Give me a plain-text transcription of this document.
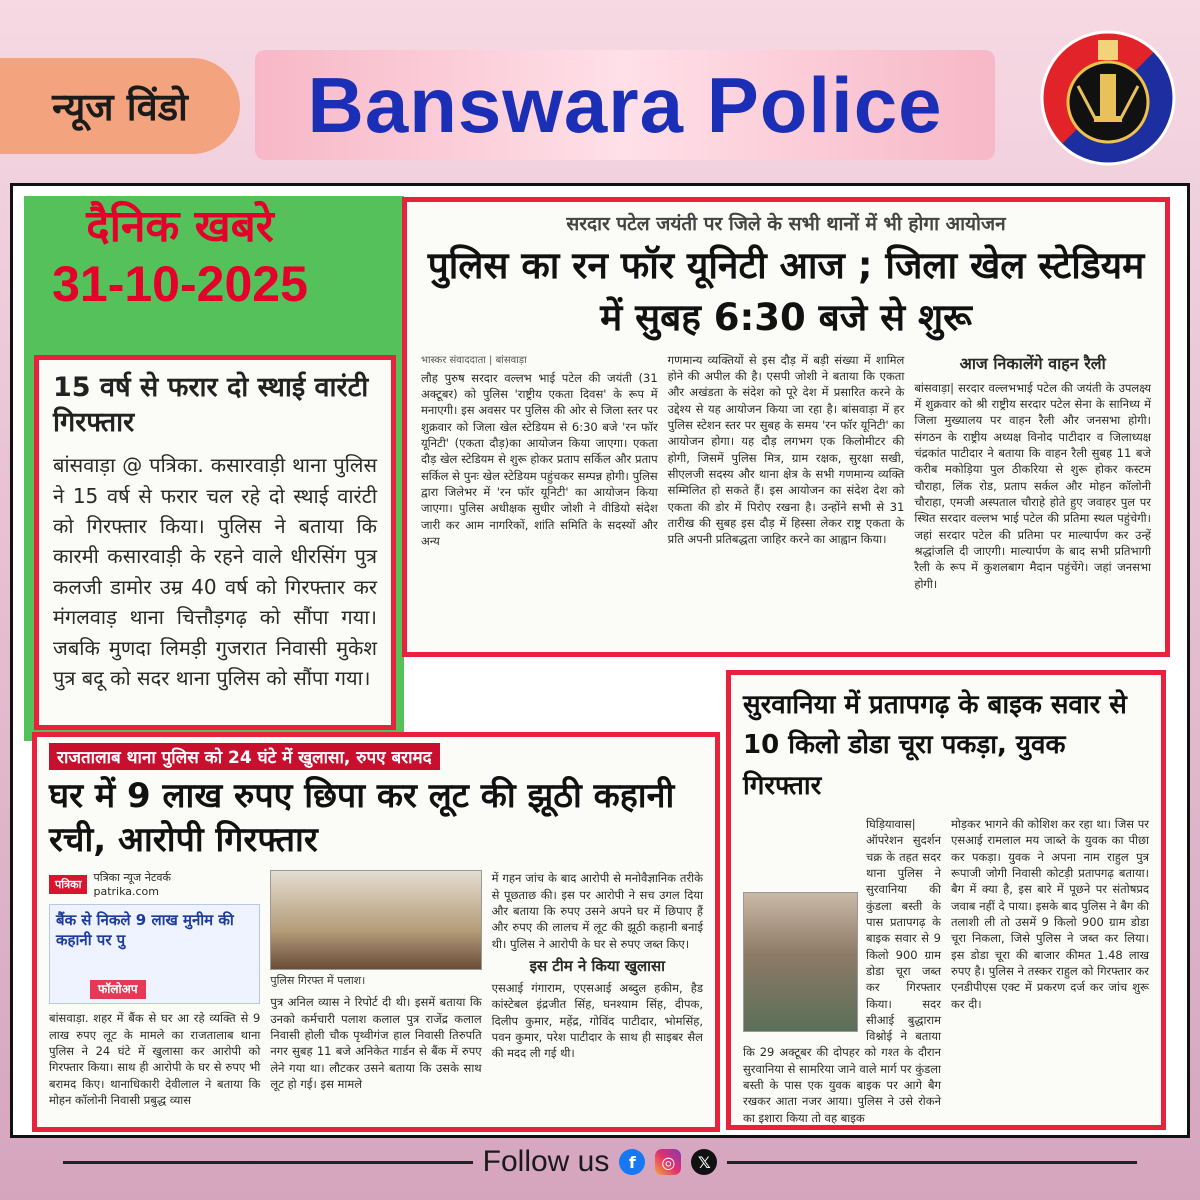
न्यूज विंडो	Banswara Police
दैनिक खबरे
31-10-2025
15 वर्ष से फरार दो स्थाई वारंटी गिरफ्तार

बांसवाड़ा @ पत्रिका. कसारवाड़ी थाना पुलिस ने 15 वर्ष से फरार चल रहे दो स्थाई वारंटी को गिरफ्तार किया। पुलिस ने बताया कि कारमी कसारवाड़ी के रहने वाले धीरसिंग पुत्र कलजी डामोर उम्र 40 वर्ष को गिरफ्तार कर मंगलवाड़ थाना चित्तौड़गढ़ को सौंपा गया। जबकि मुणदा लिमड़ी गुजरात निवासी मुकेश पुत्र बदू को सदर थाना पुलिस को सौंपा गया।

सरदार पटेल जयंती पर जिले के सभी थानों में भी होगा आयोजन
पुलिस का रन फॉर यूनिटी आज ; जिला खेल स्टेडियम में सुबह 6:30 बजे से शुरू
भास्कर संवाददाता | बांसवाड़ा

लौह पुरुष सरदार वल्लभ भाई पटेल की जयंती (31 अक्टूबर) को पुलिस 'राष्ट्रीय एकता दिवस' के रूप में मनाएगी। इस अवसर पर पुलिस की ओर से जिला स्तर पर शुक्रवार को जिला खेल स्टेडियम से 6:30 बजे 'रन फॉर यूनिटी' (एकता दौड़)का आयोजन किया जाएगा। एकता दौड़ खेल स्टेडियम से शुरू होकर प्रताप सर्किल और प्रताप सर्किल से पुनः खेल स्टेडियम पहुंचकर सम्पन्न होगी। पुलिस द्वारा जिलेभर में 'रन फॉर यूनिटी' का आयोजन किया जाएगा। पुलिस अधीक्षक सुधीर जोशी ने वीडियो संदेश जारी कर आम नागरिकों, शांति समिति के सदस्यों और अन्य

गणमान्य व्यक्तियों से इस दौड़ में बड़ी संख्या में शामिल होने की अपील की है। एसपी जोशी ने बताया कि एकता और अखंडता के संदेश को पूरे देश में प्रसारित करने के उद्देश्य से यह आयोजन किया जा रहा है। बांसवाड़ा में हर पुलिस स्टेशन स्तर पर सुबह के समय 'रन फॉर यूनिटी' का आयोजन होगा। यह दौड़ लगभग एक किलोमीटर की होगी, जिसमें पुलिस मित्र, ग्राम रक्षक, सुरक्षा सखी, सीएलजी सदस्य और थाना क्षेत्र के सभी गणमान्य व्यक्ति सम्मिलित हो सकते हैं। इस आयोजन का संदेश देश को एकता की डोर में पिरोए रखना है। उन्होंने सभी से 31 तारीख की सुबह इस दौड़ में हिस्सा लेकर राष्ट्र एकता के प्रति अपनी प्रतिबद्धता जाहिर करने का आह्वान किया।

आज निकालेंगे वाहन रैली

बांसवाड़ा| सरदार वल्लभभाई पटेल की जयंती के उपलक्ष्य में शुक्रवार को श्री राष्ट्रीय सरदार पटेल सेना के सानिध्य में जिला मुख्यालय पर वाहन रैली और जनसभा होगी। संगठन के राष्ट्रीय अध्यक्ष विनोद पाटीदार व जिलाध्यक्ष चंद्रकांत पाटीदार ने बताया कि वाहन रैली सुबह 11 बजे करीब मकोड़िया पुल ठीकरिया से शुरू होकर कस्टम चौराहा, लिंक रोड, प्रताप सर्कल और मोहन कॉलोनी चौराहा, एमजी अस्पताल चौराहे होते हुए जवाहर पुल पर स्थित सरदार वल्लभ भाई पटेल की प्रतिमा स्थल पहुंचेगी। जहां सरदार पटेल की प्रतिमा पर माल्यार्पण कर उन्हें श्रद्धांजलि दी जाएगी। माल्यार्पण के बाद सभी प्रतिभागी रैली के रूप में कुशलबाग मैदान पहुंचेंगे। जहां जनसभा होगी।

सुरवानिया में प्रतापगढ़ के बाइक सवार से 10 किलो डोडा चूरा पकड़ा, युवक गिरफ्तार

घिड़ियावास| ऑपरेशन सुदर्शन चक्र के तहत सदर थाना पुलिस ने सुरवानिया की कुंडला बस्ती के पास प्रतापगढ़ के बाइक सवार से 9 किलो 900 ग्राम डोडा चूरा जब्त कर गिरफ्तार किया। सदर सीआई बुद्धाराम विश्नोई ने बताया कि 29 अक्टूबर की दोपहर को गश्त के दौरान सुरवानिया से सामरिया जाने वाले मार्ग पर कुंडला बस्ती के पास एक युवक बाइक पर आगे बैग रखकर आता नजर आया। पुलिस ने उसे रोकने का इशारा किया तो वह बाइक

मोड़कर भागने की कोशिश कर रहा था। जिस पर एसआई रामलाल मय जाब्ते के युवक का पीछा कर पकड़ा। युवक ने अपना नाम राहुल पुत्र रूपाजी जोगी निवासी कोटड़ी प्रतापगढ़ बताया। बैग में क्या है, इस बारे में पूछने पर संतोषप्रद जवाब नहीं दे पाया। इसके बाद पुलिस ने बैग की तलाशी ली तो उसमें 9 किलो 900 ग्राम डोडा चूरा निकला, जिसे पुलिस ने जब्त कर लिया। इस डोडा चूरा की बाजार कीमत 1.48 लाख रुपए है। पुलिस ने तस्कर राहुल को गिरफ्तार कर एनडीपीएस एक्ट में प्रकरण दर्ज कर जांच शुरू कर दी।

राजतालाब थाना पुलिस को 24 घंटे में खुलासा, रुपए बरामद
घर में 9 लाख रुपए छिपा कर लूट की झूठी कहानी रची, आरोपी गिरफ्तार
पत्रिका	पत्रिका न्यूज नेटवर्क
patrika.com
बैंक से निकले 9 लाख मुनीम की कहानी पर पु
फॉलोअप

बांसवाड़ा. शहर में बैंक से घर आ रहे व्यक्ति से 9 लाख रुपए लूट के मामले का राजतालाब थाना पुलिस ने 24 घंटे में खुलासा कर आरोपी को गिरफ्तार किया। साथ ही आरोपी के घर से रुपए भी बरामद किए। थानाधिकारी देवीलाल ने बताया कि मोहन कॉलोनी निवासी प्रबुद्ध व्यास

पुलिस गिरफ्त में पलाश।

पुत्र अनिल व्यास ने रिपोर्ट दी थी। इसमें बताया कि उनको कर्मचारी पलाश कलाल पुत्र राजेंद्र कलाल निवासी होली चौक पृथ्वीगंज हाल निवासी तिरुपति नगर सुबह 11 बजे अनिकेत गार्डन से बैंक में रुपए लेने गया था। लौटकर उसने बताया कि उसके साथ लूट हो गई। इस मामले

में गहन जांच के बाद आरोपी से मनोवैज्ञानिक तरीके से पूछताछ की। इस पर आरोपी ने सच उगल दिया और बताया कि रुपए उसने अपने घर में छिपाए हैं और रुपए की लालच में लूट की झूठी कहानी बनाई थी। पुलिस ने आरोपी के घर से रुपए जब्त किए।

इस टीम ने किया खुलासा

एसआई गंगाराम, एएसआई अब्दुल हकीम, हैड कांस्टेबल इंद्रजीत सिंह, घनश्याम सिंह, दीपक, दिलीप कुमार, महेंद्र, गोविंद पाटीदार, भोमसिंह, पवन कुमार, परेश पाटीदार के साथ ही साइबर सैल की मदद ली गई थी।

Follow us	f	◎	𝕏
